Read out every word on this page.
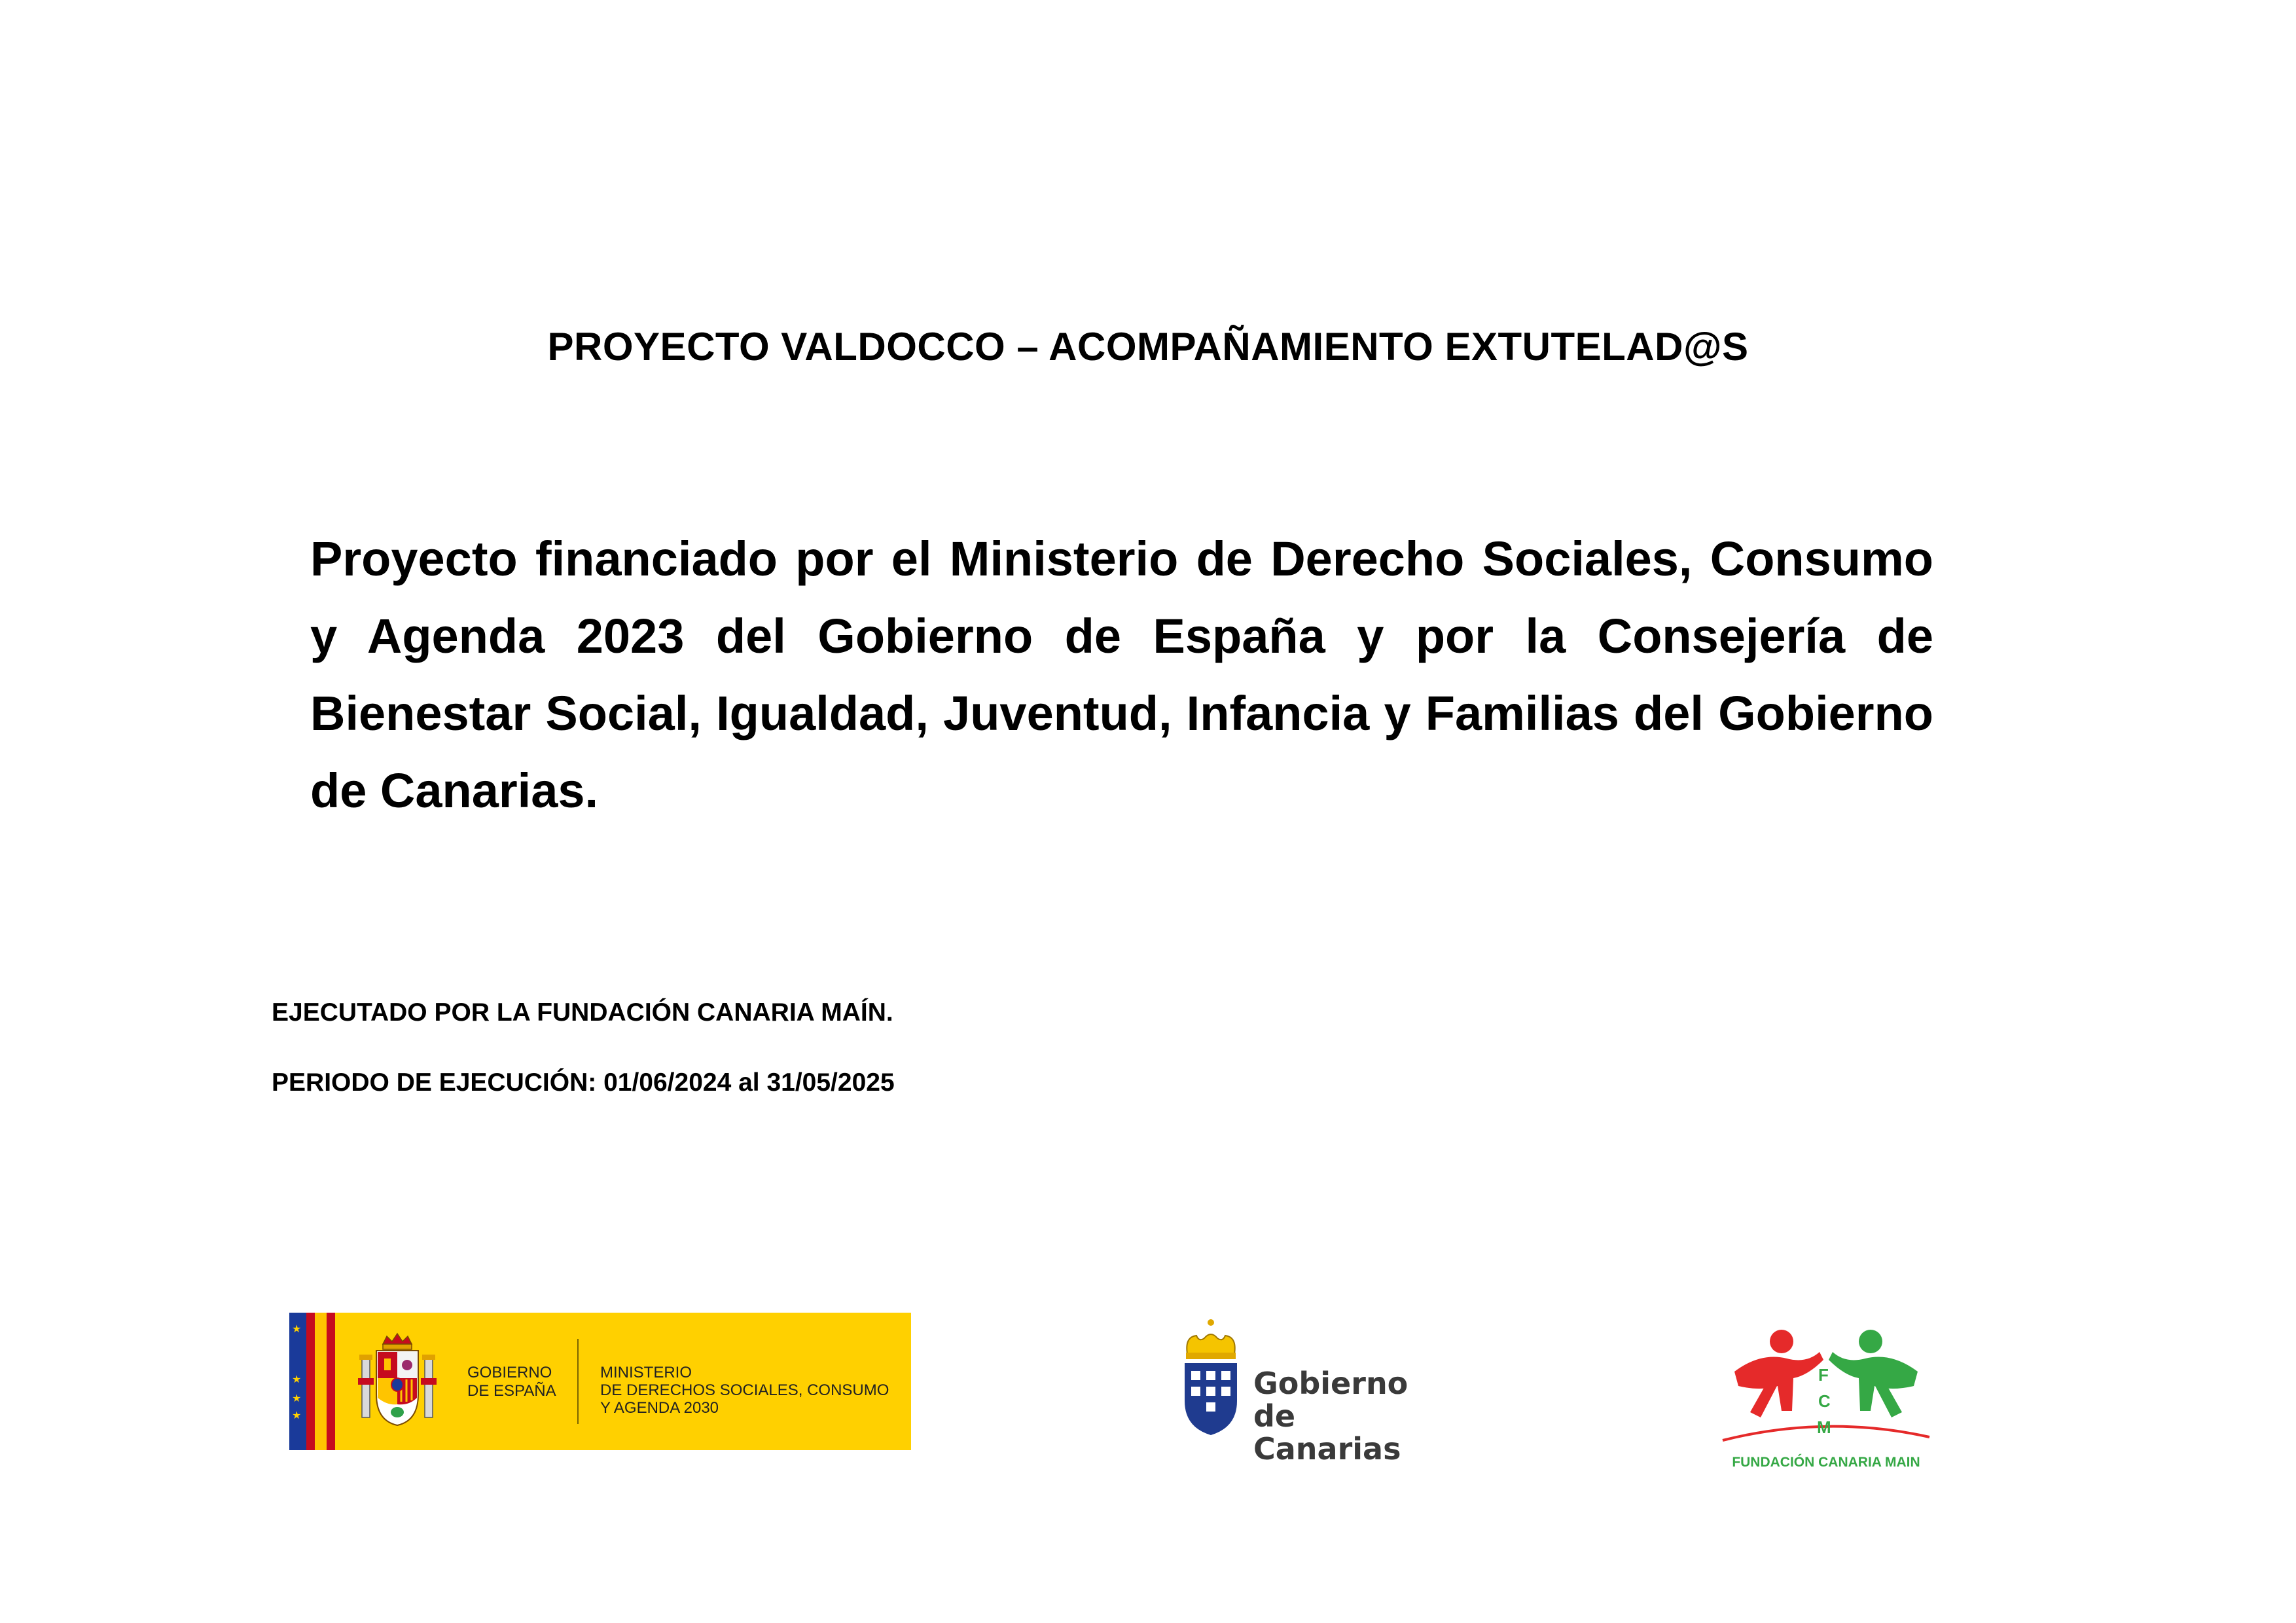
PROYECTO VALDOCCO – ACOMPAÑAMIENTO EXTUTELAD@S
Proyecto financiado por el Ministerio de Derecho Sociales, Consumo y Agenda 2023 del Gobierno de España y por la Consejería de Bienestar Social, Igualdad, Juventud, Infancia y Familias del Gobierno de Canarias.
EJECUTADO POR LA FUNDACIÓN CANARIA MAÍN.
PERIODO DE EJECUCIÓN: 01/06/2024 al 31/05/2025
★
★
★
★
GOBIERNO
DE ESPAÑA
MINISTERIO
DE DERECHOS SOCIALES, CONSUMO
Y AGENDA 2030
Gobierno
de Canarias
F
C
M
FUNDACIÓN CANARIA MAIN
